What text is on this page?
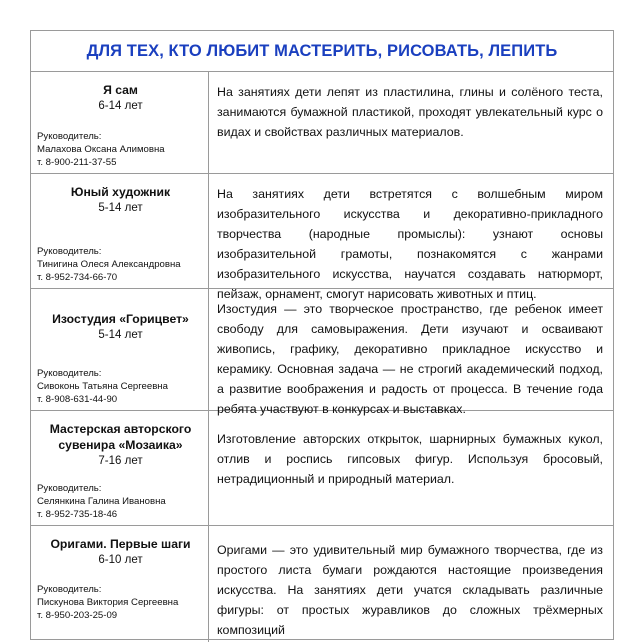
ДЛЯ ТЕХ, КТО ЛЮБИТ МАСТЕРИТЬ, РИСОВАТЬ, ЛЕПИТЬ
Я сам
6-14 лет
Руководитель:
Малахова Оксана Алимовна
т. 8-900-211-37-55
На занятиях дети лепят из пластилина, глины и солёного теста, занимаются бумажной пластикой, проходят увлекательный курс о видах и свойствах различных материалов.
Юный художник
5-14 лет
Руководитель:
Тинигина Олеся Александровна
т. 8-952-734-66-70
На занятиях дети встретятся с волшебным миром изобразительного искусства и декоративно-прикладного творчества (народные промыслы): узнают основы изобразительной грамоты, познакомятся с жанрами изобразительного искусства, научатся создавать натюрморт, пейзаж, орнамент, смогут нарисовать животных и птиц.
Изостудия «Горицвет»
5-14 лет
Руководитель:
Сивоконь Татьяна Сергеевна
т. 8-908-631-44-90
Изостудия — это творческое пространство, где ребенок имеет свободу для самовыражения. Дети изучают и осваивают живопись, графику, декоративно прикладное искусство и керамику. Основная задача — не строгий академический подход, а развитие воображения и радость от процесса. В течение года ребята участвуют в конкурсах и выставках.
Мастерская авторского
сувенира «Мозаика»
7-16 лет
Руководитель:
Селянкина Галина Ивановна
т. 8-952-735-18-46
Изготовление авторских открыток, шарнирных бумажных кукол, отлив и роспись гипсовых фигур. Используя бросовый, нетрадиционный и природный материал.
Оригами. Первые шаги
6-10 лет
Руководитель:
Пискунова Виктория Сергеевна
т. 8-950-203-25-09
Оригами — это удивительный мир бумажного творчества, где из простого листа бумаги рождаются настоящие произведения искусства. На занятиях дети учатся складывать различные фигуры: от простых журавликов до сложных трёхмерных композиций
